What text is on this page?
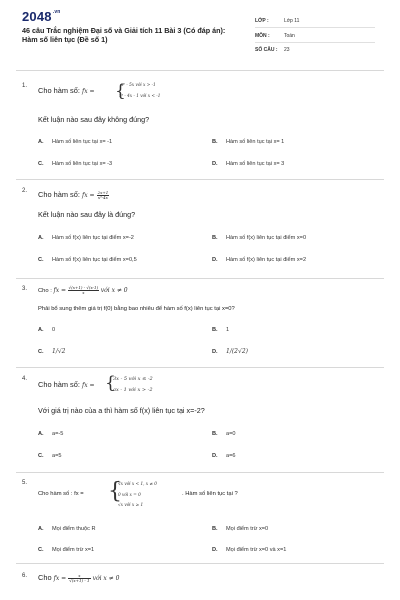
$2048^{.vn}$
46 câu Trắc nghiệm Đại số và Giải tích 11 Bài 3 (Có đáp án): Hàm số liên tục (Đề số 1)
LỚP :	Lớp 11
MÔN :	Toán
SỐ CÂU :	23
1. Cho hàm số: fx = {
x² - 5x với x > -1
x³ - 4x - 1 với x < -1
Kết luận nào sau đây không đúng?
A. Hàm số liên tục tại x= -1	B. Hàm số liên tục tại x= 1
C. Hàm số liên tục tại x= -3	D. Hàm số liên tục tại x= 3
2. Cho hàm số: fx = $\frac{2x+1}{\text{x³-4x}}$
Kết luận nào sau đây là đúng?
A. Hàm số f(x) liên tục tại điểm x=-2	B. Hàm số f(x) liên tục tại điểm x=0
C. Hàm số f(x) liên tục tại điểm x=0,5	D. Hàm số f(x) liên tục tại điểm x=2
3. Cho : fx = $\frac{√(x+1) - √(x-1)}{x}$ với x ≠ 0
Phải bổ sung thêm giá trị f(0) bằng bao nhiêu để hàm số f(x) liên tục tại x=0?
A. 0	B. 1
C. 1/√2	D. 1/(2√2)
4.
Cho hàm số: fx = {
3x - 5 với x ≤ -2
ax - 1 với x > -2
Với giá trị nào của a thì hàm số f(x) liên tục tại x=-2?
A. a=-5	B. a=0
C. a=5	D. a=6
5.
Cho hàm số : fx = {
∛x với x < 1, x ≠ 0
0 với x = 0
√x với x ≥ 1
. Hàm số liên tục tại ?
A. Mọi điểm thuộc R	B. Mọi điểm trừ x=0
C. Mọi điểm trừ x=1	D. Mọi điểm trừ x=0 và x=1
6. Cho fx = $\frac{x}{√(x+1) - 1}$ với x ≠ 0
